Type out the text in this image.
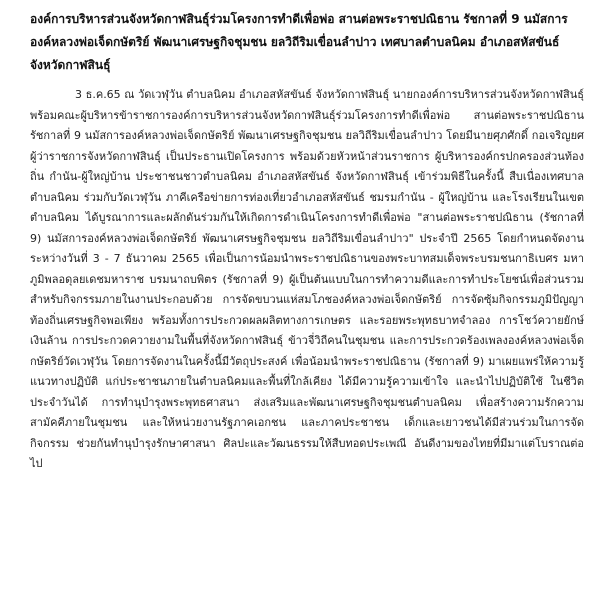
องค์การบริหารส่วนจังหวัดกาฬสินธุ์ร่วมโครงการทำดีเพื่อพ่อ สานต่อพระราชปณิธาน รัชกาลที่ 9 นมัสการองค์หลวงพ่อเจ็ดกษัตริย์ พัฒนาเศรษฐกิจชุมชน ยลวิถีริมเขื่อนลำปาว เทศบาลตำบลนิคม อำเภอสหัสขันธ์ จังหวัดกาฬสินธุ์

3 ธ.ค.65 ณ วัดเวฬุวัน ตำบลนิคม อำเภอสหัสขันธ์ จังหวัดกาฬสินธุ์ นายกองค์การบริหารส่วนจังหวัดกาฬสินธุ์ พร้อมคณะผู้บริหารข้าราชการองค์การบริหารส่วนจังหวัดกาฬสินธุ์ร่วมโครงการทำดีเพื่อพ่อ สานต่อพระราชปณิธาน รัชกาลที่ 9 นมัสการองค์หลวงพ่อเจ็ดกษัตริย์ พัฒนาเศรษฐกิจชุมชน ยลวิถีริมเขื่อนลำปาว โดยมีนายศุภศักดิ์ กอเจริญยศ ผู้ว่าราชการจังหวัดกาฬสินธุ์ เป็นประธานเปิดโครงการ พร้อมด้วยหัวหน้าส่วนราชการ ผู้บริหารองค์กรปกครองส่วนท้องถิ่น กำนัน-ผู้ใหญ่บ้าน ประชาชนชาวตำบลนิคม อำเภอสหัสขันธ์ จังหวัดกาฬสินธุ์ เข้าร่วมพิธีในครั้งนี้ สืบเนื่องเทศบาลตำบลนิคม ร่วมกับวัดเวฬุวัน ภาคีเครือข่ายการท่องเที่ยวอำเภอสหัสขันธ์ ชมรมกำนัน - ผู้ใหญ่บ้าน และโรงเรียนในเขตตำบลนิคม ได้บูรณาการและผลักดันร่วมกันให้เกิดการดำเนินโครงการทำดีเพื่อพ่อ "สานต่อพระราชปณิธาน (รัชกาลที่ 9) นมัสการองค์หลวงพ่อเจ็ดกษัตริย์ พัฒนาเศรษฐกิจชุมชน ยลวิถีริมเขื่อนลำปาว" ประจำปี 2565 โดยกำหนดจัดงานระหว่างวันที่ 3 - 7 ธันวาคม 2565 เพื่อเป็นการน้อมนำพระราชปณิธานของพระบาทสมเด็จพระบรมชนกาธิเบศร มหาภูมิพลอดุลยเดชมหาราช บรมนาถบพิตร (รัชกาลที่ 9) ผู้เป็นต้นแบบในการทำความดีและการทำประโยชน์เพื่อส่วนรวม สำหรับกิจกรรมภายในงานประกอบด้วย การจัดขบวนแห่สมโภชองค์หลวงพ่อเจ็ดกษัตริย์ การจัดซุ้มกิจกรรมภูมิปัญญาท้องถิ่นเศรษฐกิจพอเพียง พร้อมทั้งการประกวดผลผลิตทางการเกษตร และรอยพระพุทธบาทจำลอง การโชว์ควายยักษ์เงินล้าน การประกวดควายงามในพื้นที่จังหวัดกาฬสินธุ์ ข้าวจี่วิถีคนในชุมชน และการประกวดร้องเพลงองค์หลวงพ่อเจ็ดกษัตริย์วัดเวฬุวัน โดยการจัดงานในครั้งนี้มีวัตถุประสงค์ เพื่อน้อมนำพระราชปณิธาน (รัชกาลที่ 9) มาเผยแพร่ให้ความรู้แนวทางปฏิบัติ แก่ประชาชนภายในตำบลนิคมและพื้นที่ใกล้เคียง ได้มีความรู้ความเข้าใจ และนำไปปฏิบัติใช้ ในชีวิตประจำวันได้ การทำนุบำรุงพระพุทธศาสนา ส่งเสริมและพัฒนาเศรษฐกิจชุมชนตำบลนิคม เพื่อสร้างความรักความสามัคคีภายในชุมชน และให้หน่วยงานรัฐภาคเอกชน และภาคประชาชน เด็กและเยาวชนได้มีส่วนร่วมในการจัดกิจกรรม ช่วยกันทำนุบำรุงรักษาศาสนา ศิลปะและวัฒนธรรมให้สืบทอดประเพณี อันดีงามของไทยที่มีมาแต่โบราณต่อไป
